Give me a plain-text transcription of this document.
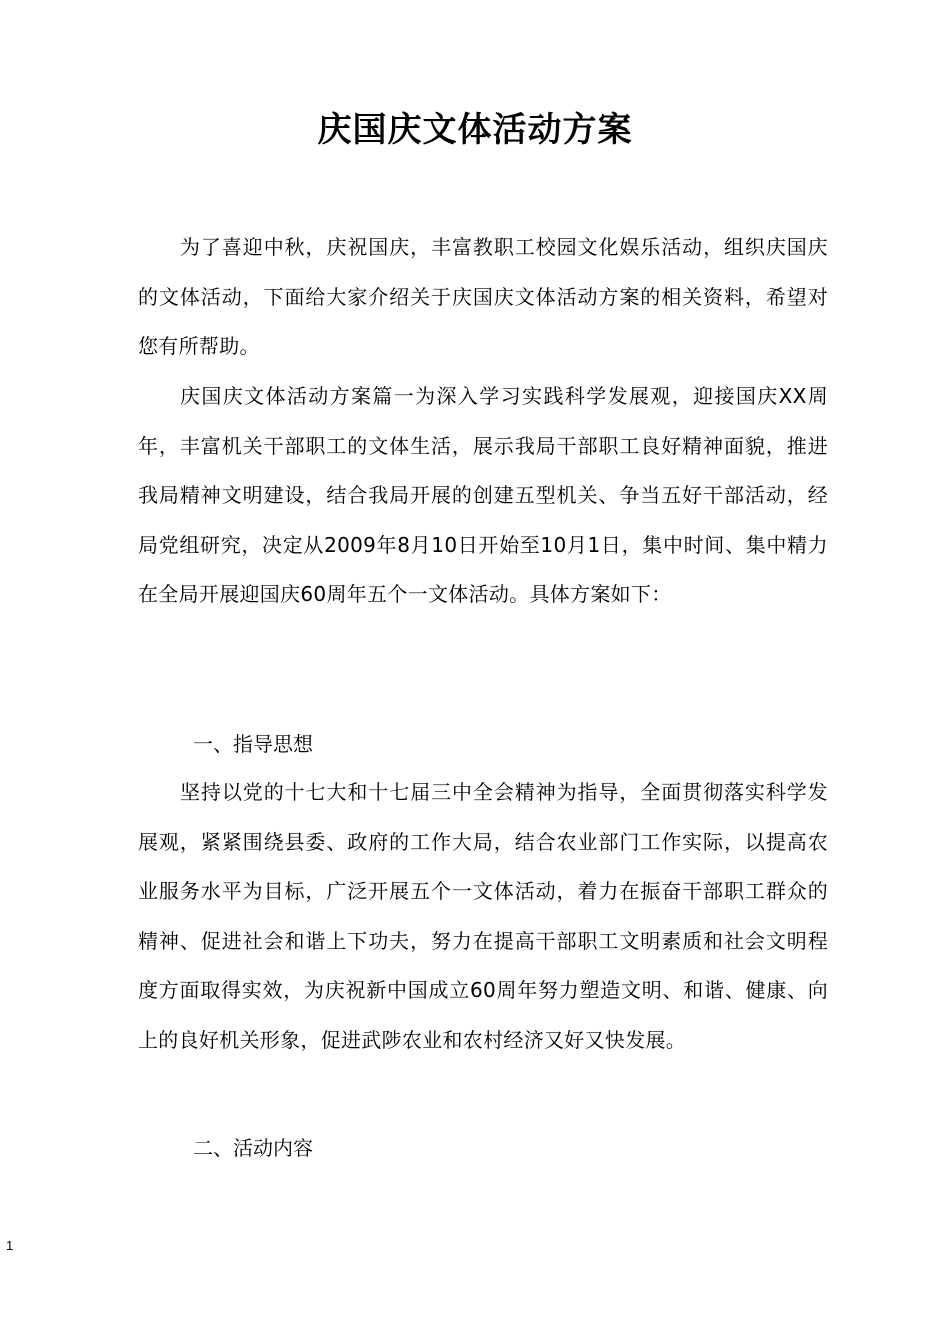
庆国庆文体活动方案

为了喜迎中秋，庆祝国庆，丰富教职工校园文化娱乐活动，组织庆国庆的文体活动，下面给大家介绍关于庆国庆文体活动方案的相关资料，希望对您有所帮助。

庆国庆文体活动方案篇一为深入学习实践科学发展观，迎接国庆XX周年，丰富机关干部职工的文体生活，展示我局干部职工良好精神面貌，推进我局精神文明建设，结合我局开展的创建五型机关、争当五好干部活动，经局党组研究，决定从2009年8月10日开始至10月1日，集中时间、集中精力在全局开展迎国庆60周年五个一文体活动。具体方案如下：

一、指导思想

坚持以党的十七大和十七届三中全会精神为指导，全面贯彻落实科学发展观，紧紧围绕县委、政府的工作大局，结合农业部门工作实际，以提高农业服务水平为目标，广泛开展五个一文体活动，着力在振奋干部职工群众的精神、促进社会和谐上下功夫，努力在提高干部职工文明素质和社会文明程度方面取得实效，为庆祝新中国成立60周年努力塑造文明、和谐、健康、向上的良好机关形象，促进武陟农业和农村经济又好又快发展。

二、活动内容

1
